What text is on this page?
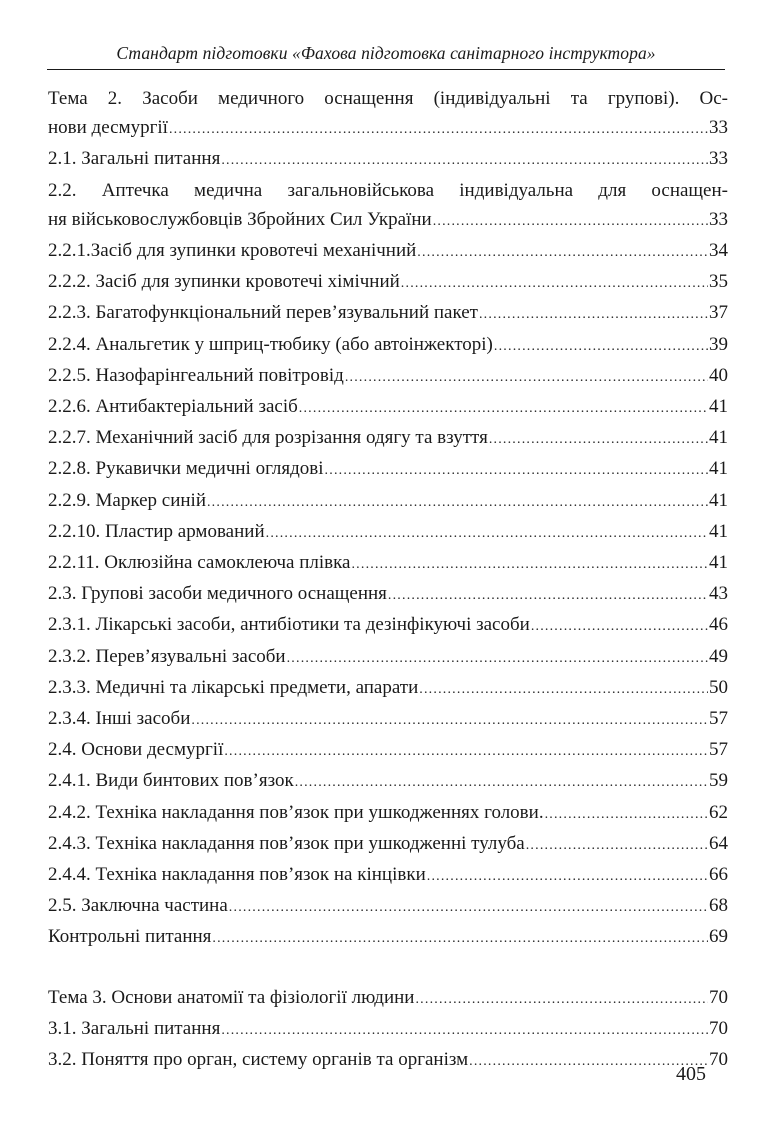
Стандарт підготовки «Фахова підготовка санітарного інструктора»
Тема 2. Засоби медичного оснащення (індивідуальні та групові). Ос-
нови десмургії .....	33
2.1. Загальні питання .....	33
2.2. Аптечка медична загальновійськова індивідуальна для оснащен-
ня військовослужбовців Збройних Сил України .....	33
2.2.1.Засіб для зупинки кровотечі механічний .....	34
2.2.2. Засіб для зупинки кровотечі хімічний .....	35
2.2.3. Багатофункціональний перев’язувальний пакет .....	37
2.2.4. Анальгетик у шприц-тюбику (або автоінжекторі) .....	39
2.2.5. Назофарінгеальний повітровід .....	40
2.2.6. Антибактеріальний засіб .....	41
2.2.7. Механічний засіб для розрізання одягу та взуття .....	41
2.2.8. Рукавички медичні оглядові .....	41
2.2.9. Маркер синій .....	41
2.2.10. Пластир армований .....	41
2.2.11. Оклюзійна самоклеюча плівка .....	41
2.3. Групові засоби медичного оснащення .....	43
2.3.1. Лікарські засоби, антибіотики та дезінфікуючі засоби .....	46
2.3.2. Перев’язувальні засоби .....	49
2.3.3. Медичні та лікарські предмети, апарати .....	50
2.3.4. Інші засоби .....	57
2.4. Основи десмургії .....	57
2.4.1. Види бинтових пов’язок .....	59
2.4.2. Техніка накладання пов’язок при ушкодженнях голови. .....	62
2.4.3. Техніка накладання пов’язок при ушкодженні тулуба .....	64
2.4.4. Техніка накладання пов’язок на кінцівки .....	66
2.5. Заключна частина .....	68
Контрольні питання .....	69
Тема 3. Основи анатомії та фізіології людини .....	70
3.1. Загальні питання .....	70
3.2. Поняття про орган, систему органів та організм .....	70
405
